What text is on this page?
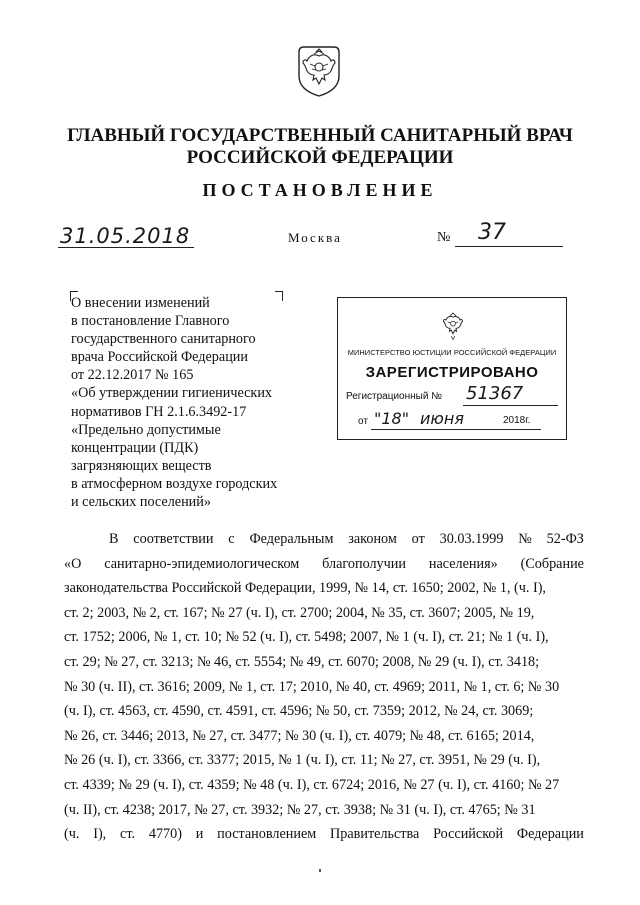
ГЛАВНЫЙ ГОСУДАРСТВЕННЫЙ САНИТАРНЫЙ ВРАЧ
РОССИЙСКОЙ ФЕДЕРАЦИИ
ПОСТАНОВЛЕНИЕ
31.05.2018	Москва	№ 37
О внесении изменений
в постановление Главного
государственного санитарного
врача Российской Федерации
от 22.12.2017 № 165
«Об утверждении гигиенических
нормативов ГН 2.1.6.3492-17
«Предельно допустимые
концентрации (ПДК)
загрязняющих веществ
в атмосферном воздухе городских
и сельских поселений»
МИНИСТЕРСТВО ЮСТИЦИИ РОССИЙСКОЙ ФЕДЕРАЦИИ
ЗАРЕГИСТРИРОВАНО
Регистрационный № 51367
от "18" июня	2018г.
В соответствии с Федеральным законом от 30.03.1999 № 52-ФЗ
«О санитарно-эпидемиологическом благополучии населения» (Собрание
законодательства Российской Федерации, 1999, № 14, ст. 1650; 2002, № 1, (ч. I),
ст. 2; 2003, № 2, ст. 167; № 27 (ч. I), ст. 2700; 2004, № 35, ст. 3607; 2005, № 19,
ст. 1752; 2006, № 1, ст. 10; № 52 (ч. I), ст. 5498; 2007, № 1 (ч. I), ст. 21; № 1 (ч. I),
ст. 29; № 27, ст. 3213; № 46, ст. 5554; № 49, ст. 6070; 2008, № 29 (ч. I), ст. 3418;
№ 30 (ч. II), ст. 3616; 2009, № 1, ст. 17; 2010, № 40, ст. 4969; 2011, № 1, ст. 6; № 30
(ч. I), ст. 4563, ст. 4590, ст. 4591, ст. 4596; № 50, ст. 7359; 2012, № 24, ст. 3069;
№ 26, ст. 3446; 2013, № 27, ст. 3477; № 30 (ч. I), ст. 4079; № 48, ст. 6165; 2014,
№ 26 (ч. I), ст. 3366, ст. 3377; 2015, № 1 (ч. I), ст. 11; № 27, ст. 3951, № 29 (ч. I),
ст. 4339; № 29 (ч. I), ст. 4359; № 48 (ч. I), ст. 6724; 2016, № 27 (ч. I), ст. 4160; № 27
(ч. II), ст. 4238; 2017, № 27, ст. 3932; № 27, ст. 3938; № 31 (ч. I), ст. 4765; № 31
(ч. I), ст. 4770) и постановлением Правительства Российской Федерации
